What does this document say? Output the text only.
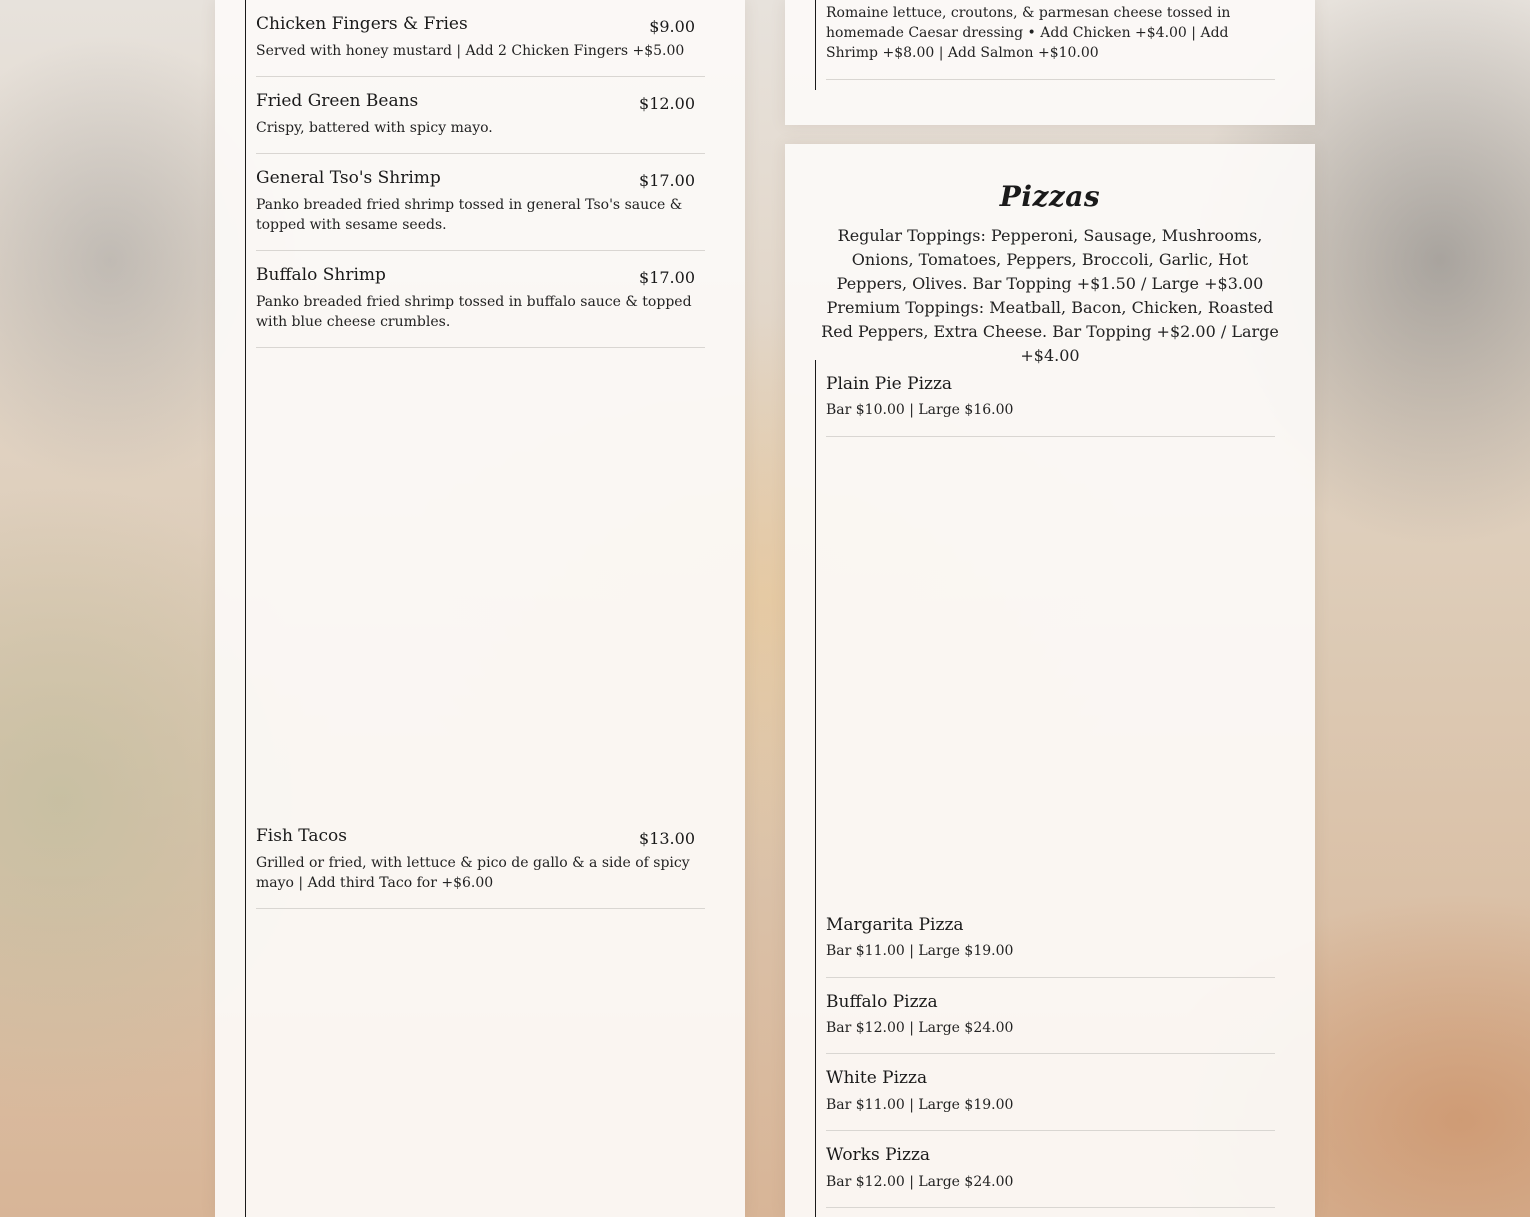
Chicken Fingers & Fries	$9.00
Served with honey mustard | Add 2 Chicken Fingers +$5.00
Fried Green Beans	$12.00
Crispy, battered with spicy mayo.
General Tso's Shrimp	$17.00
Panko breaded fried shrimp tossed in general Tso's sauce & topped with sesame seeds.
Buffalo Shrimp	$17.00
Panko breaded fried shrimp tossed in buffalo sauce & topped with blue cheese crumbles.
Fish Tacos	$13.00
Grilled or fried, with lettuce & pico de gallo & a side of spicy mayo | Add third Taco for +$6.00
Romaine lettuce, croutons, & parmesan cheese tossed in homemade Caesar dressing • Add Chicken +$4.00 | Add Shrimp +$8.00 | Add Salmon +$10.00
Pizzas
Regular Toppings: Pepperoni, Sausage, Mushrooms, Onions, Tomatoes, Peppers, Broccoli, Garlic, Hot Peppers, Olives. Bar Topping +$1.50 / Large +$3.00
Premium Toppings: Meatball, Bacon, Chicken, Roasted Red Peppers, Extra Cheese. Bar Topping +$2.00 / Large +$4.00
Plain Pie Pizza
Bar $10.00 | Large $16.00
Margarita Pizza
Bar $11.00 | Large $19.00
Buffalo Pizza
Bar $12.00 | Large $24.00
White Pizza
Bar $11.00 | Large $19.00
Works Pizza
Bar $12.00 | Large $24.00
